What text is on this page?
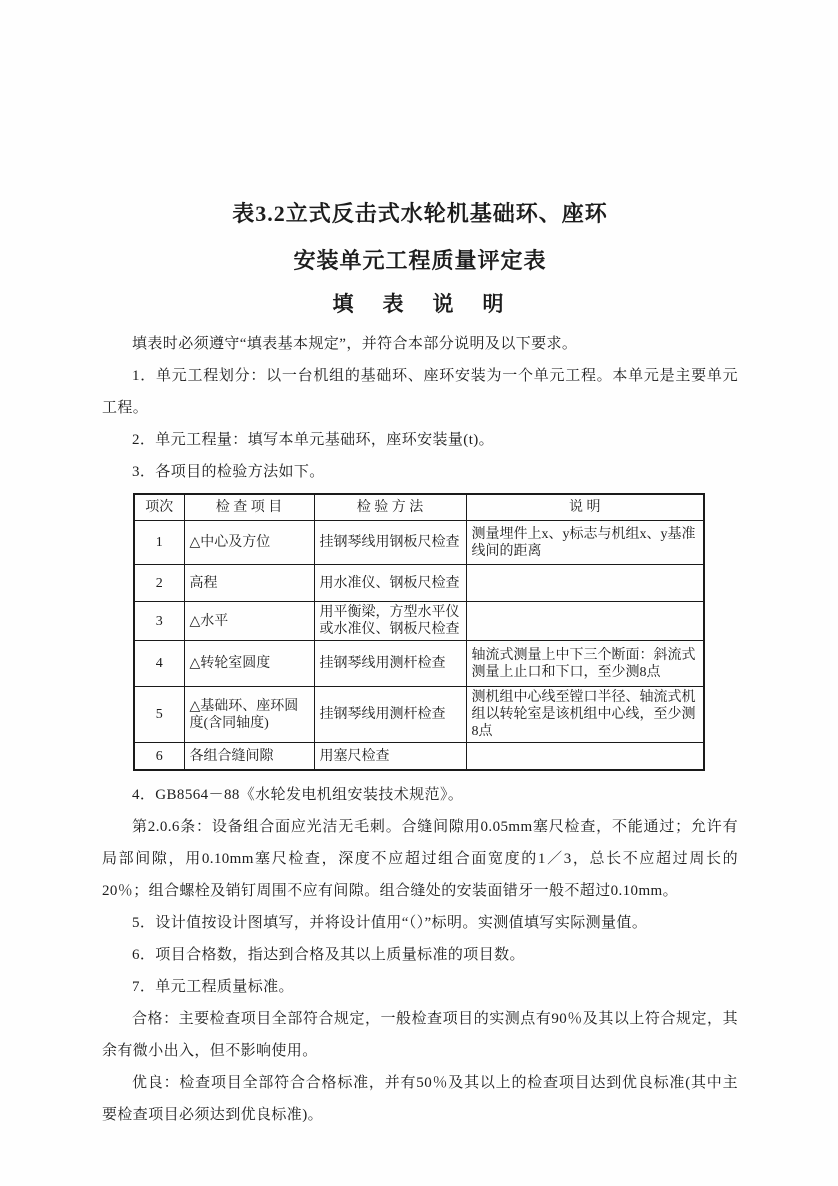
表3.2立式反击式水轮机基础环、座环
安装单元工程质量评定表
填　表　说　明

填表时必须遵守“填表基本规定”，并符合本部分说明及以下要求。

1．单元工程划分：以一台机组的基础环、座环安装为一个单元工程。本单元是主要单元工程。

2．单元工程量：填写本单元基础环，座环安装量(t)。

3．各项目的检验方法如下。

项次	检 查 项 目	检 验 方 法	说 明
1	△中心及方位	挂钢琴线用钢板尺检查	测量埋件上x、y标志与机组x、y基准线间的距离
2	高程	用水准仪、钢板尺检查	
3	△水平	用平衡梁，方型水平仪或水准仪、钢板尺检查	
4	△转轮室圆度	挂钢琴线用测杆检查	轴流式测量上中下三个断面：斜流式测量上止口和下口，至少测8点
5	△基础环、座环圆度(含同轴度)	挂钢琴线用测杆检查	测机组中心线至镗口半径、轴流式机组以转轮室是该机组中心线，至少测8点
6	各组合缝间隙	用塞尺检查	

4．GB8564－88《水轮发电机组安装技术规范》。

第2.0.6条：设备组合面应光洁无毛刺。合缝间隙用0.05mm塞尺检查，不能通过；允许有局部间隙，用0.10mm塞尺检查，深度不应超过组合面宽度的1／3，总长不应超过周长的20％；组合螺栓及销钉周围不应有间隙。组合缝处的安装面错牙一般不超过0.10mm。

5．设计值按设计图填写，并将设计值用“（）”标明。实测值填写实际测量值。

6．项目合格数，指达到合格及其以上质量标准的项目数。

7．单元工程质量标准。

合格：主要检查项目全部符合规定，一般检查项目的实测点有90％及其以上符合规定，其余有微小出入，但不影响使用。

优良：检查项目全部符合合格标准，并有50％及其以上的检查项目达到优良标准(其中主要检查项目必须达到优良标准)。
